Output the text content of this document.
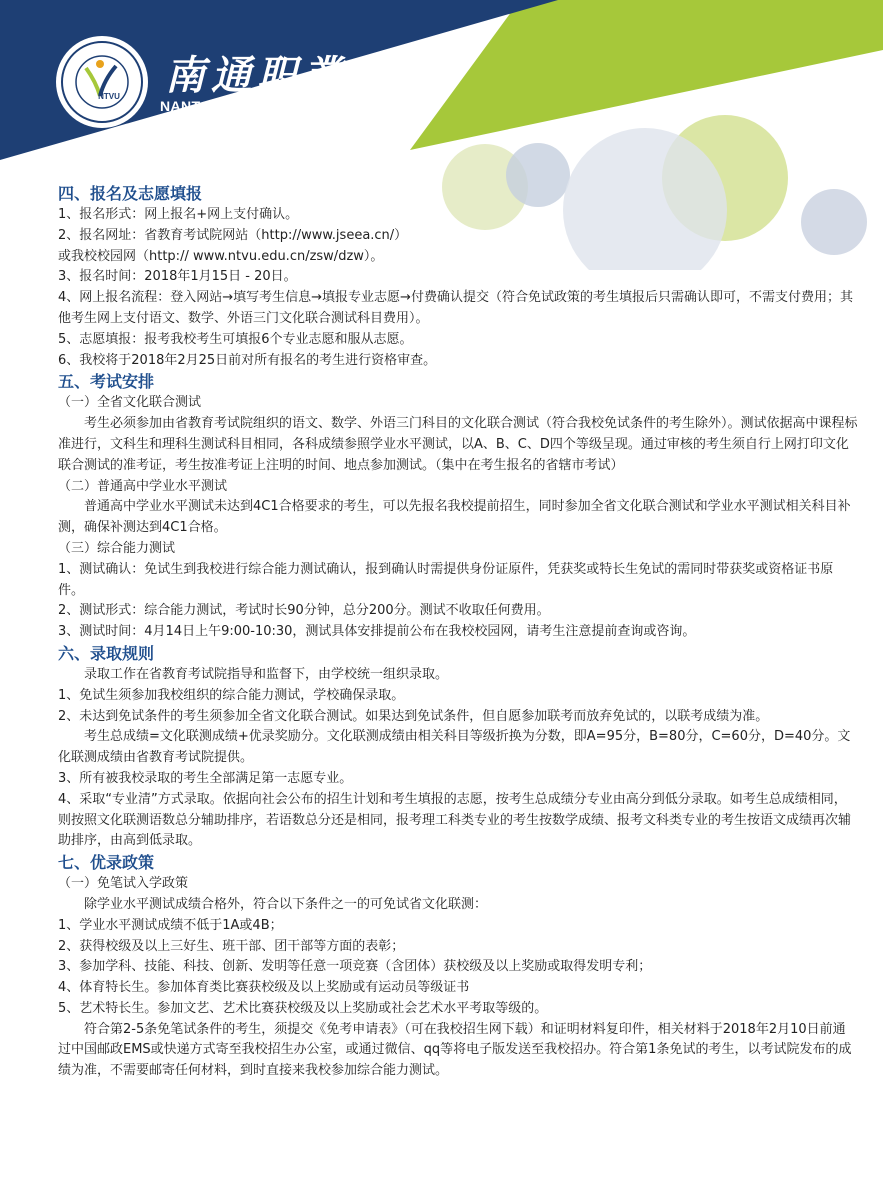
NTVU 南通职業大学

NANTONG VOCATIONAL UNIVERSITY

四、报名及志愿填报

1、报名形式：网上报名+网上支付确认。

2、报名网址：省教育考试院网站（http://www.jseea.cn/）

或我校校园网（http:// www.ntvu.edu.cn/zsw/dzw）。

3、报名时间：2018年1月15日 - 20日。

4、网上报名流程：登入网站→填写考生信息→填报专业志愿→付费确认提交（符合免试政策的考生填报后只需确认即可，不需支付费用；其他考生网上支付语文、数学、外语三门文化联合测试科目费用）。

5、志愿填报：报考我校考生可填报6个专业志愿和服从志愿。

6、我校将于2018年2月25日前对所有报名的考生进行资格审查。

五、考试安排

（一）全省文化联合测试

考生必须参加由省教育考试院组织的语文、数学、外语三门科目的文化联合测试（符合我校免试条件的考生除外）。测试依据高中课程标准进行，文科生和理科生测试科目相同，各科成绩参照学业水平测试，以A、B、C、D四个等级呈现。通过审核的考生须自行上网打印文化联合测试的准考证，考生按准考证上注明的时间、地点参加测试。（集中在考生报名的省辖市考试）

（二）普通高中学业水平测试

普通高中学业水平测试未达到4C1合格要求的考生，可以先报名我校提前招生，同时参加全省文化联合测试和学业水平测试相关科目补测，确保补测达到4C1合格。

（三）综合能力测试

1、测试确认：免试生到我校进行综合能力测试确认，报到确认时需提供身份证原件，凭获奖或特长生免试的需同时带获奖或资格证书原件。

2、测试形式：综合能力测试，考试时长90分钟，总分200分。测试不收取任何费用。

3、测试时间：4月14日上午9:00-10:30，测试具体安排提前公布在我校校园网，请考生注意提前查询或咨询。

六、录取规则

录取工作在省教育考试院指导和监督下，由学校统一组织录取。

1、免试生须参加我校组织的综合能力测试，学校确保录取。

2、未达到免试条件的考生须参加全省文化联合测试。如果达到免试条件，但自愿参加联考而放弃免试的，以联考成绩为准。

考生总成绩=文化联测成绩+优录奖励分。文化联测成绩由相关科目等级折换为分数，即A=95分，B=80分，C=60分，D=40分。文化联测成绩由省教育考试院提供。

3、所有被我校录取的考生全部满足第一志愿专业。

4、采取“专业清”方式录取。依据向社会公布的招生计划和考生填报的志愿，按考生总成绩分专业由高分到低分录取。如考生总成绩相同，则按照文化联测语数总分辅助排序，若语数总分还是相同，报考理工科类专业的考生按数学成绩、报考文科类专业的考生按语文成绩再次辅助排序，由高到低录取。

七、优录政策

（一）免笔试入学政策

除学业水平测试成绩合格外，符合以下条件之一的可免试省文化联测：

1、学业水平测试成绩不低于1A或4B；

2、获得校级及以上三好生、班干部、团干部等方面的表彰；

3、参加学科、技能、科技、创新、发明等任意一项竞赛（含团体）获校级及以上奖励或取得发明专利；

4、体育特长生。参加体育类比赛获校级及以上奖励或有运动员等级证书

5、艺术特长生。参加文艺、艺术比赛获校级及以上奖励或社会艺术水平考取等级的。

符合第2-5条免笔试条件的考生，须提交《免考申请表》（可在我校招生网下载）和证明材料复印件，相关材料于2018年2月10日前通过中国邮政EMS或快递方式寄至我校招生办公室，或通过微信、qq等将电子版发送至我校招办。符合第1条免试的考生，以考试院发布的成绩为准，不需要邮寄任何材料，到时直接来我校参加综合能力测试。
